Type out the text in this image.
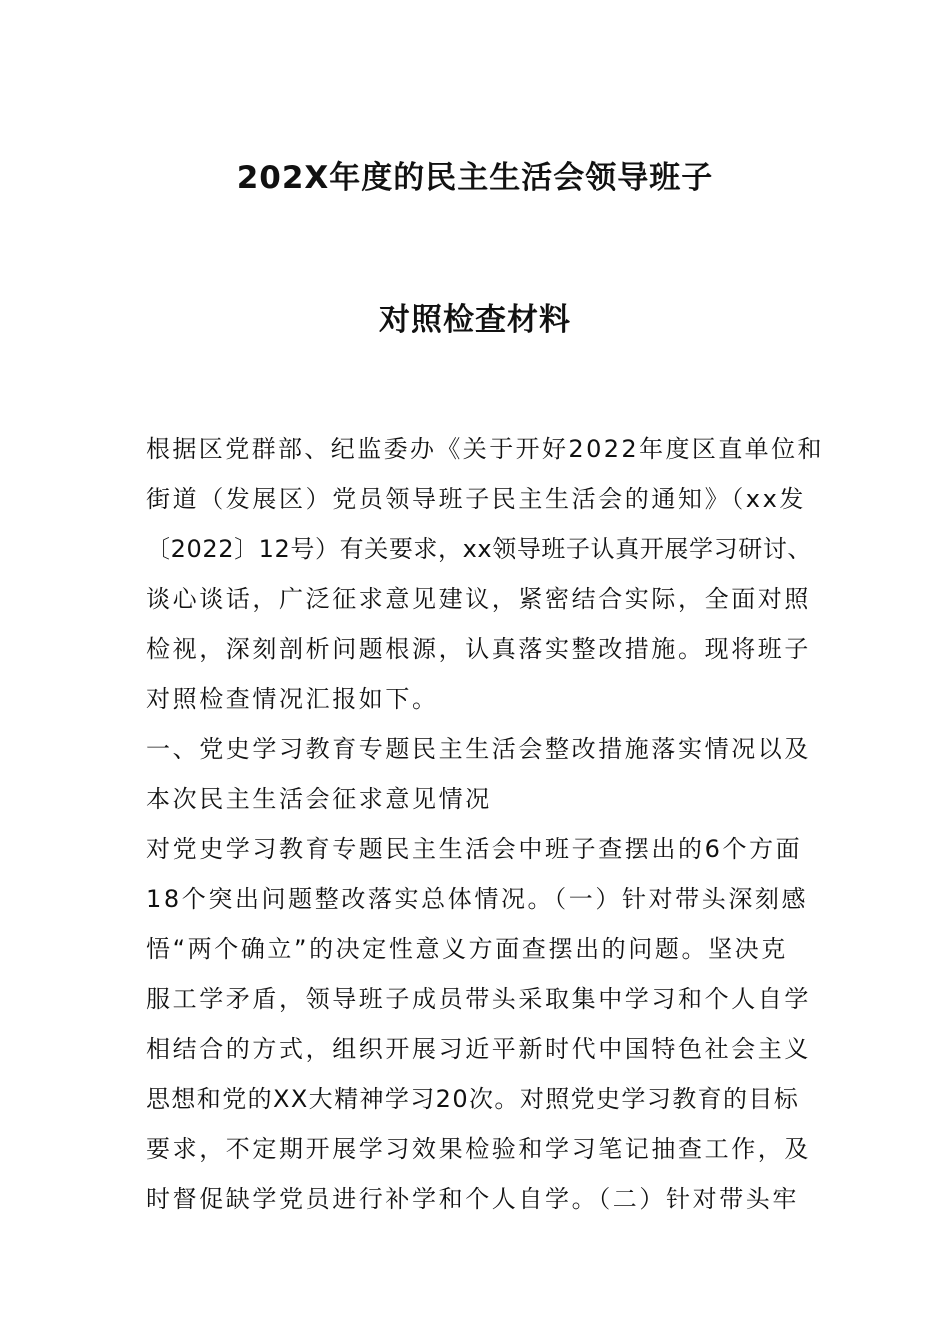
202X年度的民主生活会领导班子
对照检查材料
根据区党群部、纪监委办《关于开好2022年度区直单位和
街道（发展区）党员领导班子民主生活会的通知》（xx发
〔2022〕12号）有关要求，xx领导班子认真开展学习研讨、
谈心谈话，广泛征求意见建议，紧密结合实际，全面对照
检视，深刻剖析问题根源，认真落实整改措施。现将班子
对照检查情况汇报如下。
一、党史学习教育专题民主生活会整改措施落实情况以及
本次民主生活会征求意见情况
对党史学习教育专题民主生活会中班子查摆出的6个方面
18个突出问题整改落实总体情况。（一）针对带头深刻感
悟“两个确立”的决定性意义方面查摆出的问题。坚决克
服工学矛盾，领导班子成员带头采取集中学习和个人自学
相结合的方式，组织开展习近平新时代中国特色社会主义
思想和党的XX大精神学习20次。对照党史学习教育的目标
要求，不定期开展学习效果检验和学习笔记抽查工作，及
时督促缺学党员进行补学和个人自学。（二）针对带头牢
